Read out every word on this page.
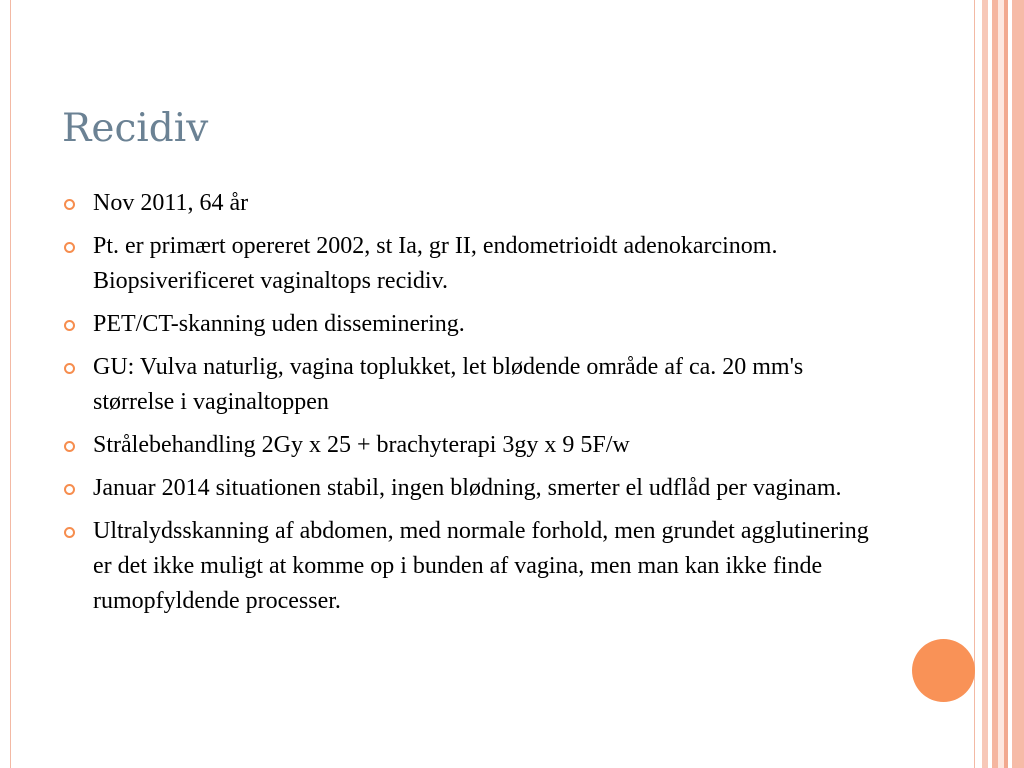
Recidiv
Nov 2011, 64 år
Pt. er primært opereret 2002, st Ia, gr II, endometrioidt adenokarcinom. Biopsiverificeret vaginaltops recidiv.
PET/CT-skanning uden disseminering.
GU: Vulva naturlig, vagina toplukket, let blødende område af ca. 20 mm's størrelse i vaginaltoppen
Strålebehandling 2Gy x 25 + brachyterapi 3gy x 9 5F/w
Januar 2014 situationen stabil, ingen blødning, smerter el udflåd per vaginam.
Ultralydsskanning af abdomen, med normale forhold, men grundet agglutinering er det ikke muligt at komme op i bunden af vagina, men man kan ikke finde rumopfyldende processer.
